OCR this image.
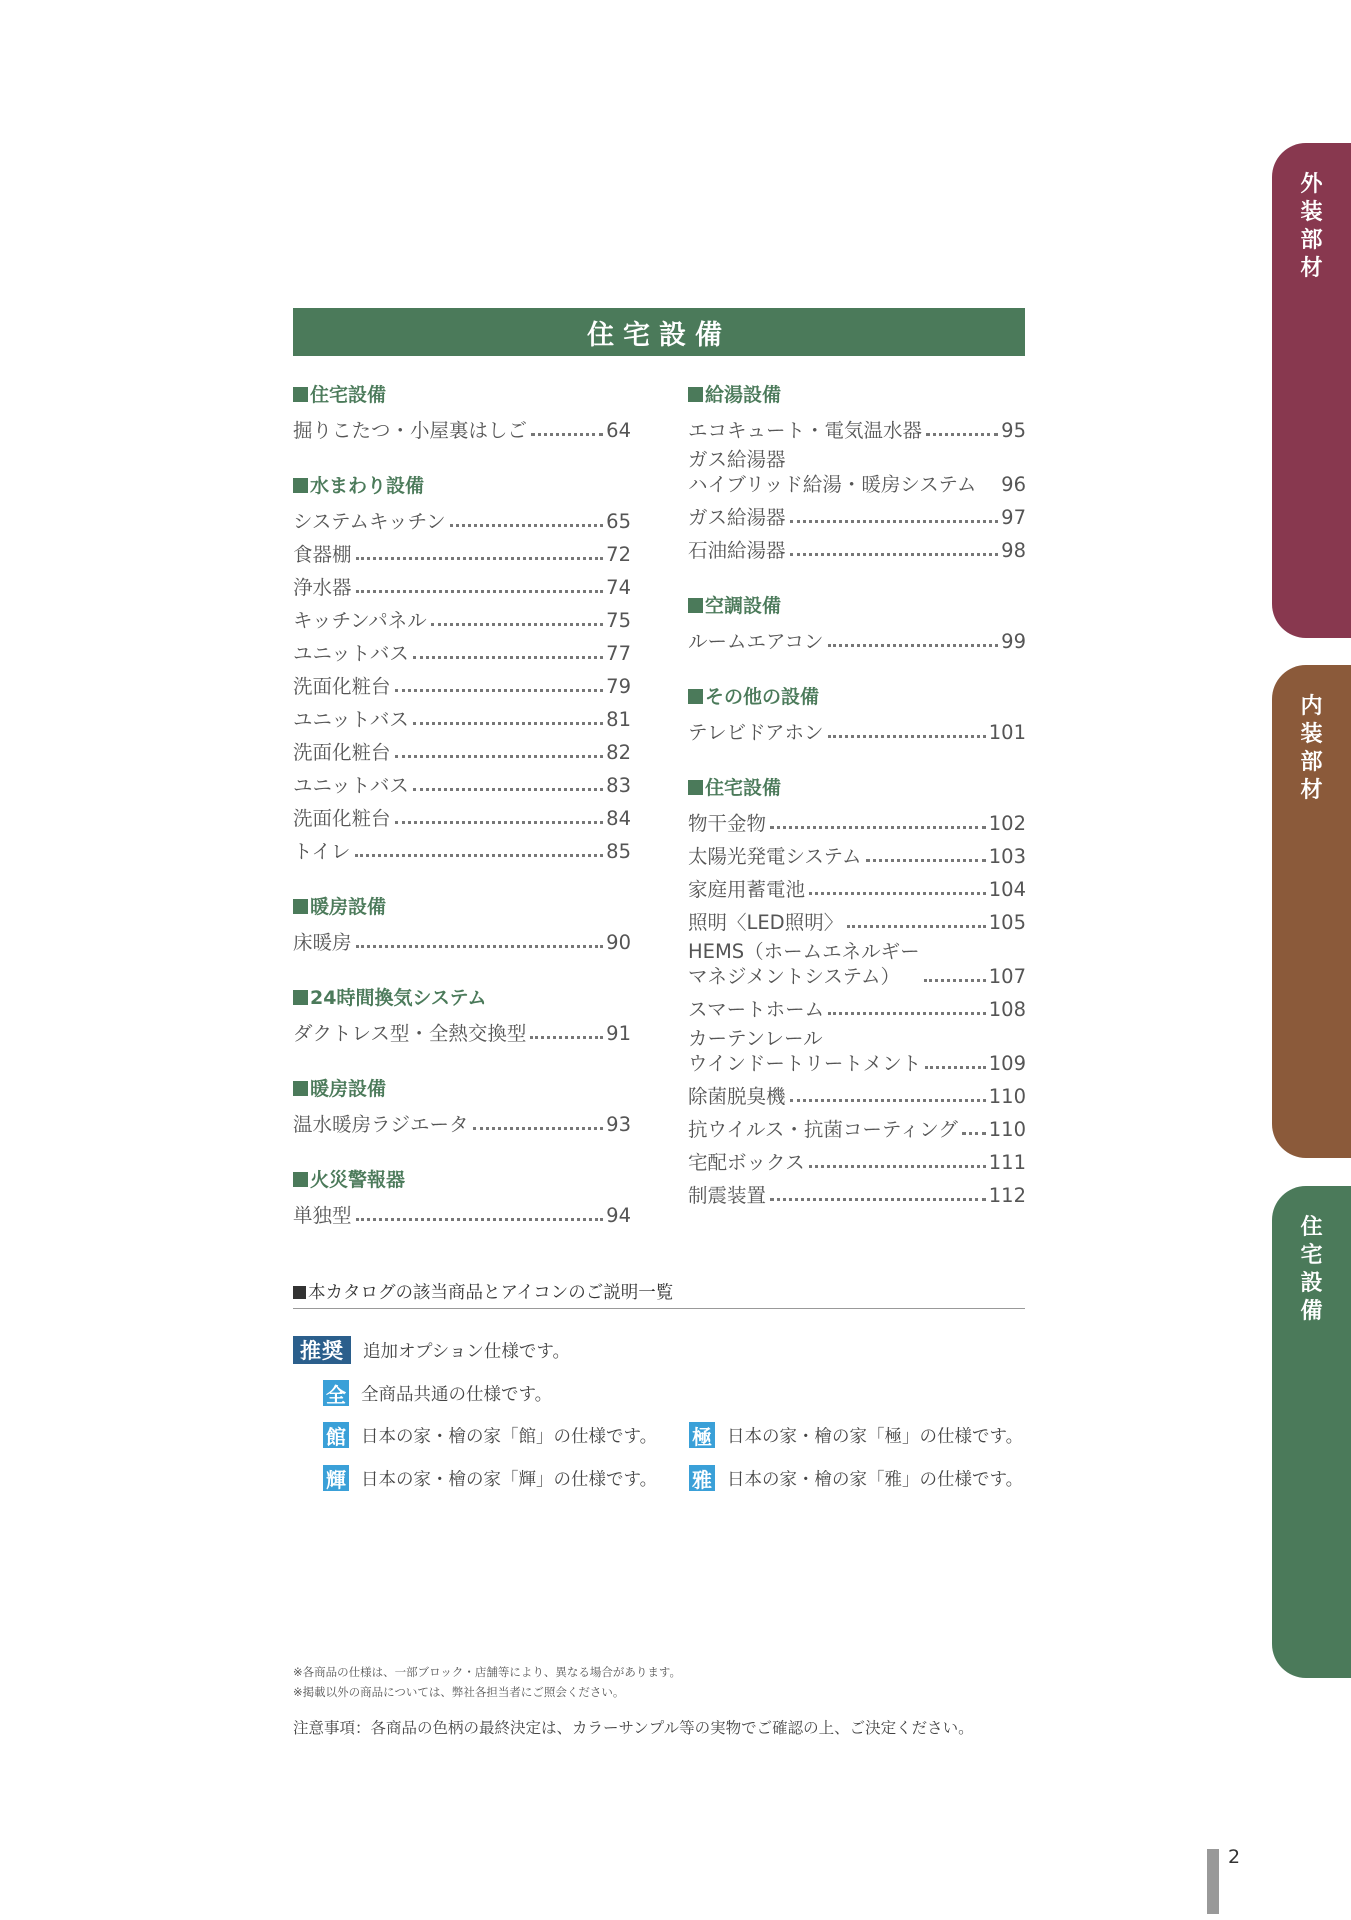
住宅設備
住宅設備
掘りこたつ・小屋裏はしご	64
水まわり設備
システムキッチン	65
食器棚	72
浄水器	74
キッチンパネル	75
ユニットバス	77
洗面化粧台	79
ユニットバス	81
洗面化粧台	82
ユニットバス	83
洗面化粧台	84
トイレ	85
暖房設備
床暖房	90
24時間換気システム
ダクトレス型・全熱交換型	91
暖房設備
温水暖房ラジエータ	93
火災警報器
単独型	94
給湯設備
エコキュート・電気温水器	95
ガス給湯器
ハイブリッド給湯・暖房システム 96
ガス給湯器	97
石油給湯器	98
空調設備
ルームエアコン	99
その他の設備
テレビドアホン	101
住宅設備
物干金物	102
太陽光発電システム	103
家庭用蓄電池	104
照明〈LED照明〉	105
HEMS（ホームエネルギー
マネジメントシステム）	107
スマートホーム	108
カーテンレール
ウインドートリートメント	109
除菌脱臭機	110
抗ウイルス・抗菌コーティング 110
宅配ボックス	111
制震装置	112
本カタログの該当商品とアイコンのご説明一覧
推奨	追加オプション仕様です。
全 全商品共通の仕様です。
館 日本の家・檜の家「館」の仕様です。 極 日本の家・檜の家「極」の仕様です。
輝 日本の家・檜の家「輝」の仕様です。 雅 日本の家・檜の家「雅」の仕様です。
※各商品の仕様は、一部ブロック・店舗等により、異なる場合があります。
※掲載以外の商品については、弊社各担当者にご照会ください。
注意事項：各商品の色柄の最終決定は、カラーサンプル等の実物でご確認の上、ご決定ください。
外
装
部
材
内
装
部
材
住
宅
設
備
2
